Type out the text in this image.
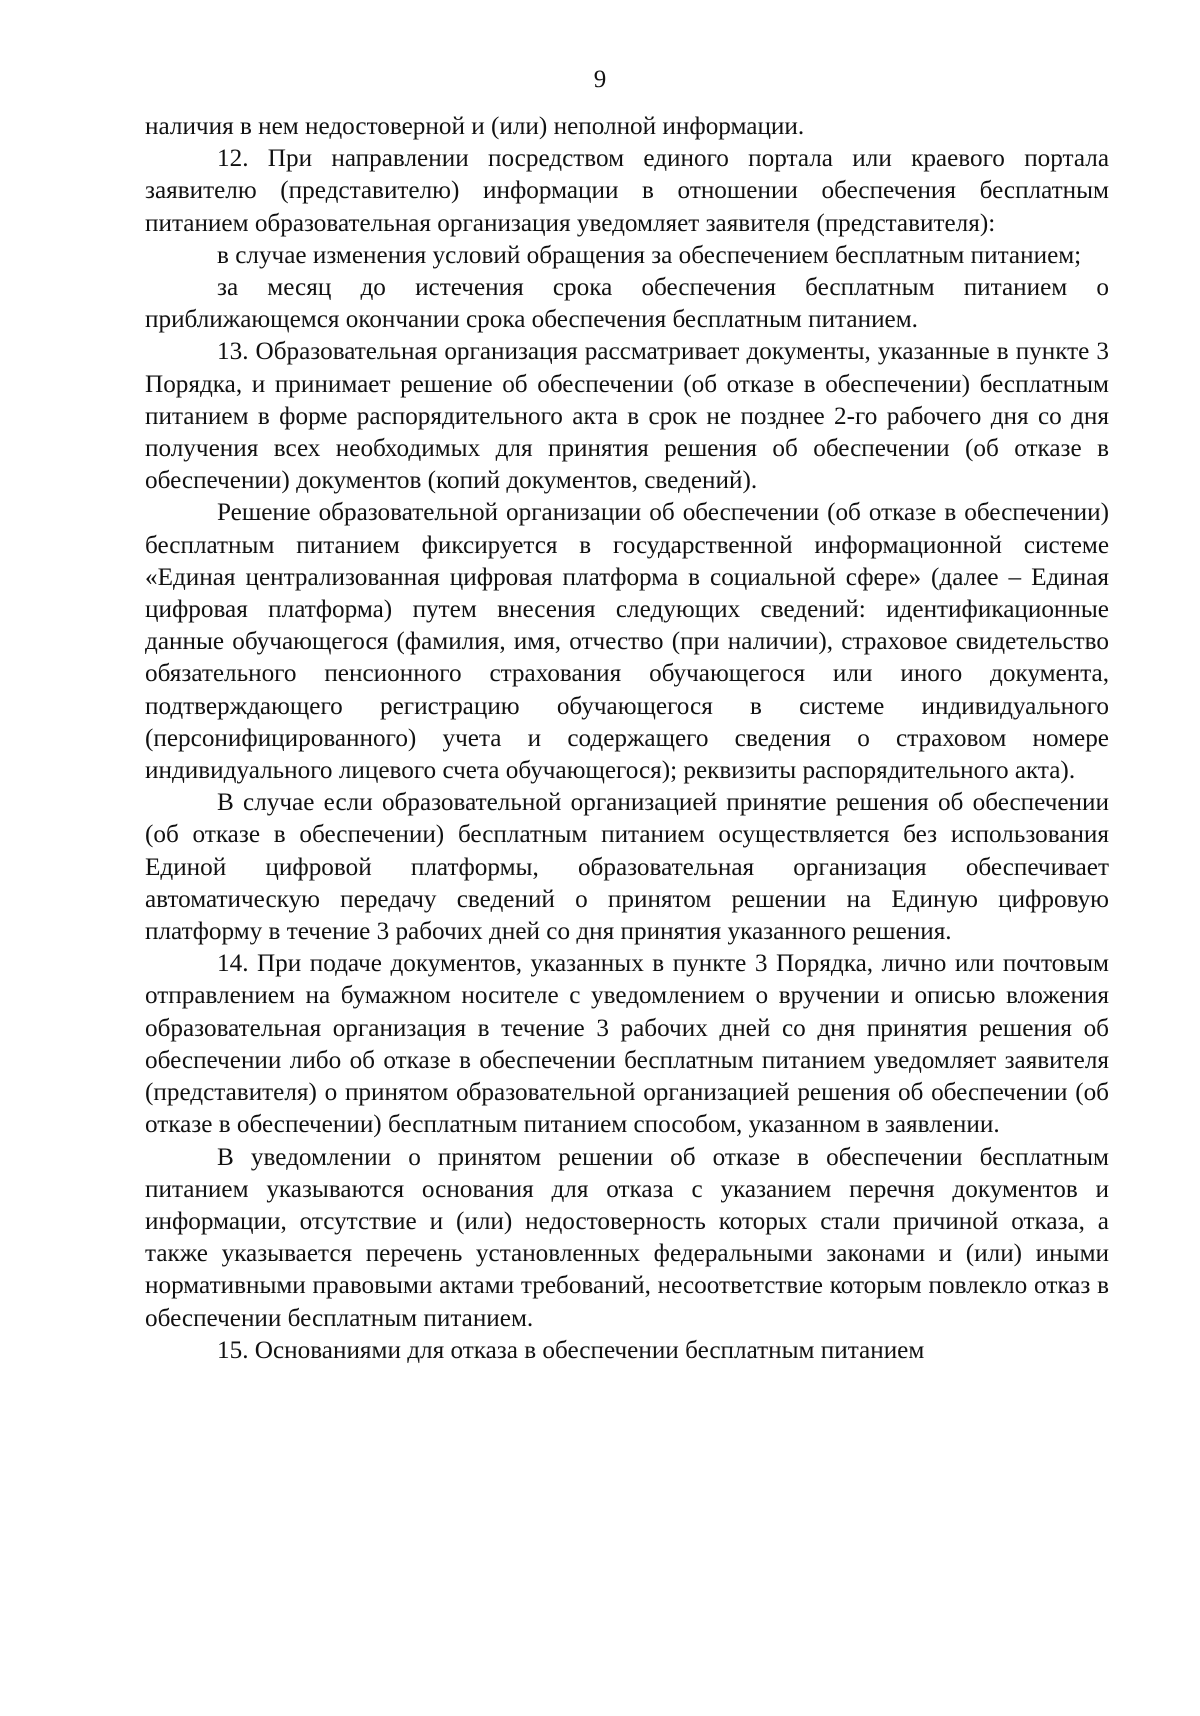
9

наличия в нем недостоверной и (или) неполной информации.

12. При направлении посредством единого портала или краевого портала заявителю (представителю) информации в отношении обеспечения бесплатным питанием образовательная организация уведомляет заявителя (представителя):

в случае изменения условий обращения за обеспечением бесплатным питанием;

за месяц до истечения срока обеспечения бесплатным питанием о приближающемся окончании срока обеспечения бесплатным питанием.

13. Образовательная организация рассматривает документы, указанные в пункте 3 Порядка, и принимает решение об обеспечении (об отказе в обеспечении) бесплатным питанием в форме распорядительного акта в срок не позднее 2-го рабочего дня со дня получения всех необходимых для принятия решения об обеспечении (об отказе в обеспечении) документов (копий документов, сведений).

Решение образовательной организации об обеспечении (об отказе в обеспечении) бесплатным питанием фиксируется в государственной информационной системе «Единая централизованная цифровая платформа в социальной сфере» (далее – Единая цифровая платформа) путем внесения следующих сведений: идентификационные данные обучающегося (фамилия, имя, отчество (при наличии), страховое свидетельство обязательного пенсионного страхования обучающегося или иного документа, подтверждающего регистрацию обучающегося в системе индивидуального (персонифицированного) учета и содержащего сведения о страховом номере индивидуального лицевого счета обучающегося); реквизиты распорядительного акта).

В случае если образовательной организацией принятие решения об обеспечении (об отказе в обеспечении) бесплатным питанием осуществляется без использования Единой цифровой платформы, образовательная организация обеспечивает автоматическую передачу сведений о принятом решении на Единую цифровую платформу в течение 3 рабочих дней со дня принятия указанного решения.

14. При подаче документов, указанных в пункте 3 Порядка, лично или почтовым отправлением на бумажном носителе с уведомлением о вручении и описью вложения образовательная организация в течение 3 рабочих дней со дня принятия решения об обеспечении либо об отказе в обеспечении бесплатным питанием уведомляет заявителя (представителя) о принятом образовательной организацией решения об обеспечении (об отказе в обеспечении) бесплатным питанием способом, указанном в заявлении.

В уведомлении о принятом решении об отказе в обеспечении бесплатным питанием указываются основания для отказа с указанием перечня документов и информации, отсутствие и (или) недостоверность которых стали причиной отказа, а также указывается перечень установленных федеральными законами и (или) иными нормативными правовыми актами требований, несоответствие которым повлекло отказ в обеспечении бесплатным питанием.

15. Основаниями для отказа в обеспечении бесплатным питанием
